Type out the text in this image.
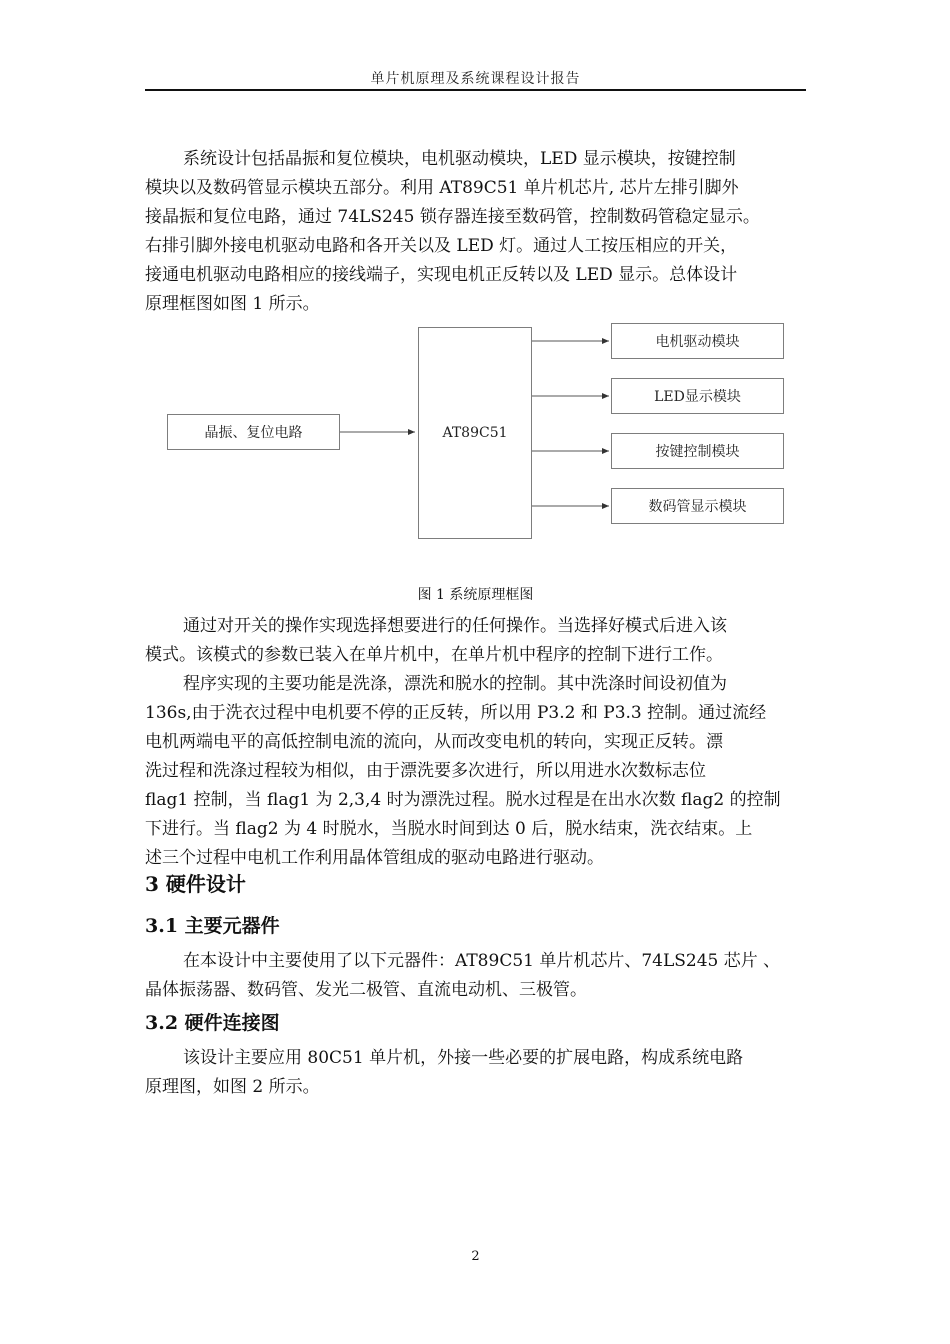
单片机原理及系统课程设计报告
系统设计包括晶振和复位模块，电机驱动模块，LED 显示模块，按键控制
模块以及数码管显示模块五部分。利用 AT89C51 单片机芯片, 芯片左排引脚外
接晶振和复位电路，通过 74LS245 锁存器连接至数码管，控制数码管稳定显示。
右排引脚外接电机驱动电路和各开关以及 LED 灯。通过人工按压相应的开关，
接通电机驱动电路相应的接线端子，实现电机正反转以及 LED 显示。总体设计
原理框图如图 1 所示。
晶振、复位电路	AT89C51
电机驱动模块
LED显示模块
按键控制模块
数码管显示模块
图 1 系统原理框图
通过对开关的操作实现选择想要进行的任何操作。当选择好模式后进入该
模式。该模式的参数已装入在单片机中，在单片机中程序的控制下进行工作。
程序实现的主要功能是洗涤，漂洗和脱水的控制。其中洗涤时间设初值为
136s,由于洗衣过程中电机要不停的正反转，所以用 P3.2 和 P3.3 控制。通过流经
电机两端电平的高低控制电流的流向，从而改变电机的转向，实现正反转。漂
洗过程和洗涤过程较为相似，由于漂洗要多次进行，所以用进水次数标志位
flag1 控制，当 flag1 为 2,3,4 时为漂洗过程。脱水过程是在出水次数 flag2 的控制
下进行。当 flag2 为 4 时脱水，当脱水时间到达 0 后，脱水结束，洗衣结束。上
述三个过程中电机工作利用晶体管组成的驱动电路进行驱动。
3 硬件设计
3.1 主要元器件
在本设计中主要使用了以下元器件：AT89C51 单片机芯片、74LS245 芯片 、
晶体振荡器、数码管、发光二极管、直流电动机、三极管。
3.2 硬件连接图
该设计主要应用 80C51 单片机，外接一些必要的扩展电路，构成系统电路
原理图，如图 2 所示。
2
